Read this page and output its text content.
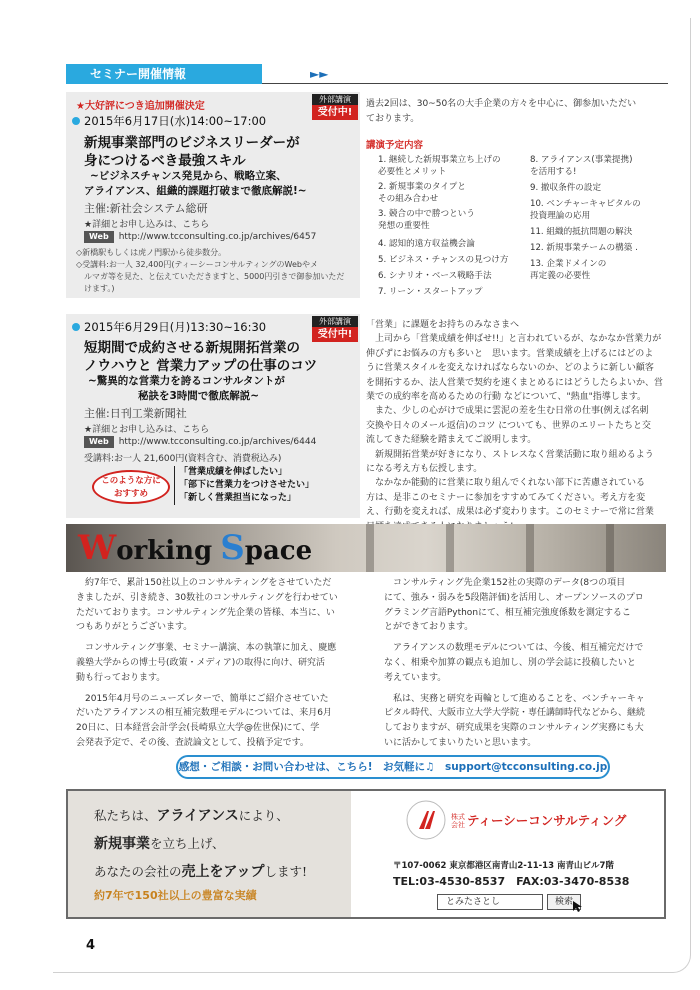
セミナー開催情報	►►
★大好評につき追加開催決定
外部講演
受付中!
2015年6月17日(水)14:00~17:00
新規事業部門のビジネスリーダーが
身につけるべき最強スキル
~ビジネスチャンス発見から、戦略立案、
アライアンス、組織的課題打破まで徹底解説!~
主催:新社会システム総研
★詳細とお申し込みは、こちら
Web http://www.tcconsulting.co.jp/archives/6457
◇新橋駅もしくは虎ノ門駅から徒歩数分。
◇受講料:お一人 32,400円(ティーシーコンサルティングのWebやメ
ルマガ等を見た、と伝えていただきますと、5000円引きで御参加いただ
けます。)
過去2回は、30~50名の大手企業の方々を中心に、御参加いただい
ております。
講演予定内容
1. 継続した新規事業立ち上げの
必要性とメリット
2. 新規事業のタイプと
その組み合わせ
3. 競合の中で勝つという
発想の重要性
4. 認知的遠方収益機会論
5. ビジネス・チャンスの見つけ方
6. シナリオ・ベース戦略手法
7. リーン・スタートアップ
8. アライアンス(事業提携)
を活用する!
9. 撤収条件の設定
10. ベンチャーキャピタルの
投資理論の応用
11. 組織的抵抗問題の解決
12. 新規事業チームの構築 .
13. 企業ドメインの
再定義の必要性
外部講演
受付中!
2015年6月29日(月)13:30~16:30
短期間で成約させる新規開拓営業の
ノウハウと 営業力アップの仕事のコツ
~驚異的な営業力を誇るコンサルタントが
秘訣を3時間で徹底解説~
主催:日刊工業新聞社
★詳細とお申し込みは、こちら
Web http://www.tcconsulting.co.jp/archives/6444
受講料:お一人 21,600円(資料含む、消費税込み)
このような方に
おすすめ
「営業成績を伸ばしたい」
「部下に営業力をつけさせたい」
「新しく営業担当になった」
「営業」に課題をお持ちのみなさまへ
　上司から「営業成績を伸ばせ!!」と言われているが、なかなか営業力が
伸びずにお悩みの方も多いと　思います。営業成績を上げるにはどのよ
うに営業スタイルを変えなければならないのか、どのように新しい顧客
を開拓するか、法人営業で契約を速くまとめるにはどうしたらよいか、営
業での成約率を高めるための行動 などについて、"熱血"指導します。
　また、少しの心がけで成果に雲泥の差を生む日常の仕事(例えば名刺
交換や日々のメール返信)のコツ についても、世界のエリートたちと交
流してきた経験を踏まえてご説明します。
　新規開拓営業が好きになり、ストレスなく営業活動に取り組めるよう
になる考え方も伝授します。
　なかなか能動的に営業に取り組んでくれない部下に苦慮されている
方は、是非このセミナーに参加をすすめてみてください。考え方を変
え、行動を変えれば、成果は必ず変わります。このセミナーで常に営業
Working Space
　約7年で、累計150社以上のコンサルティングをさせていただ
きましたが、引き続き、30数社のコンサルティングを行わせてい
ただいております。コンサルティング先企業の皆様、本当に、い
つもありがとうございます。
　コンサルティング事業、セミナー講演、本の執筆に加え、慶應
義塾大学からの博士号(政策・メディア)の取得に向け、研究活
動も行っております。
　2015年4月号のニューズレターで、簡単にご紹介させていた
だいたアライアンスの相互補完数理モデルについては、来月6月
20日に、日本経営会計学会(長崎県立大学@佐世保)にて、学
会発表予定で、その後、査読論文として、投稿予定です。
　コンサルティング先企業152社の実際のデータ(8つの項目
にて、強み・弱みを5段階評価)を活用し、オープンソースのプロ
グラミング言語Pythonにて、相互補完強度係数を測定するこ
とができております。
　アライアンスの数理モデルについては、今後、相互補完だけで
なく、相乗や加算の観点も追加し、別の学会誌に投稿したいと
考えています。
　私は、実務と研究を両輪として進めることを、ベンチャーキャ
ピタル時代、大阪市立大学大学院・専任講師時代などから、継続
しておりますが、研究成果を実際のコンサルティング実務にも大
いに活かしてまいりたいと思います。
感想・ご相談・お問い合わせは、こちら!　お気軽に♫　support@tcconsulting.co.jp
私たちは、アライアンスにより、
新規事業を立ち上げ、
あなたの会社の売上をアップします!
約7年で150社以上の豊富な実績
株式会社 ティーシーコンサルティング
〒107-0062 東京都港区南青山2-11-13 南青山ビル7階
TEL:03-4530-8537　FAX:03-3470-8538
とみたさとし	検索
4
